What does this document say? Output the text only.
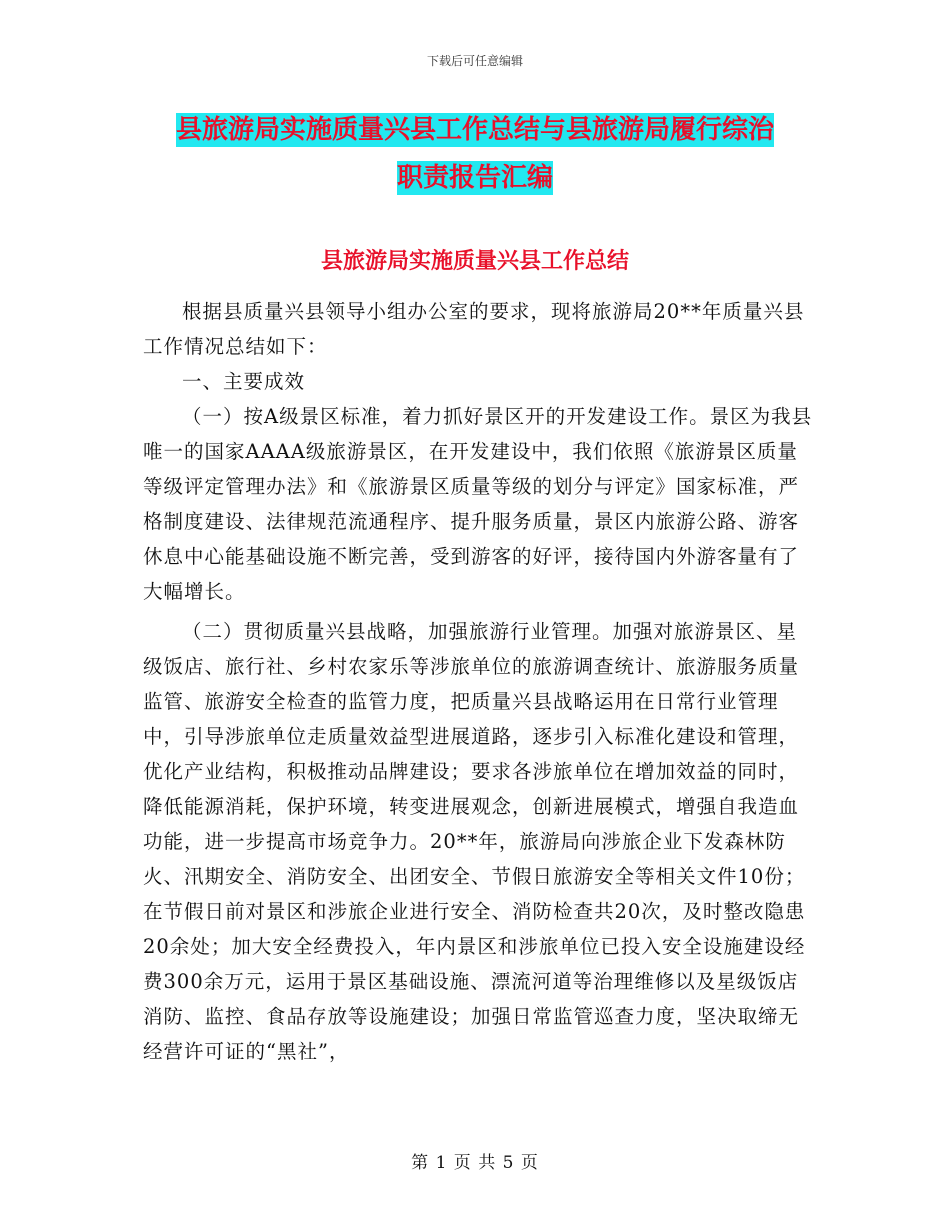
下载后可任意编辑
县旅游局实施质量兴县工作总结与县旅游局履行综治
职责报告汇编
县旅游局实施质量兴县工作总结

根据县质量兴县领导小组办公室的要求，现将旅游局20**年质量兴县工作情况总结如下：

一、主要成效

（一）按A级景区标准，着力抓好景区开的开发建设工作。景区为我县唯一的国家AAAA级旅游景区，在开发建设中，我们依照《旅游景区质量等级评定管理办法》和《旅游景区质量等级的划分与评定》国家标准，严格制度建设、法律规范流通程序、提升服务质量，景区内旅游公路、游客休息中心能基础设施不断完善，受到游客的好评，接待国内外游客量有了大幅增长。

（二）贯彻质量兴县战略，加强旅游行业管理。加强对旅游景区、星级饭店、旅行社、乡村农家乐等涉旅单位的旅游调查统计、旅游服务质量监管、旅游安全检查的监管力度，把质量兴县战略运用在日常行业管理中，引导涉旅单位走质量效益型进展道路，逐步引入标准化建设和管理，优化产业结构，积极推动品牌建设；要求各涉旅单位在增加效益的同时，降低能源消耗，保护环境，转变进展观念，创新进展模式，增强自我造血功能，进一步提高市场竞争力。20**年，旅游局向涉旅企业下发森林防火、汛期安全、消防安全、出团安全、节假日旅游安全等相关文件10份；在节假日前对景区和涉旅企业进行安全、消防检查共20次，及时整改隐患20余处；加大安全经费投入，年内景区和涉旅单位已投入安全设施建设经费300余万元，运用于景区基础设施、漂流河道等治理维修以及星级饭店消防、监控、食品存放等设施建设；加强日常监管巡查力度，坚决取缔无经营许可证的“黑社”，

第 1 页 共 5 页
